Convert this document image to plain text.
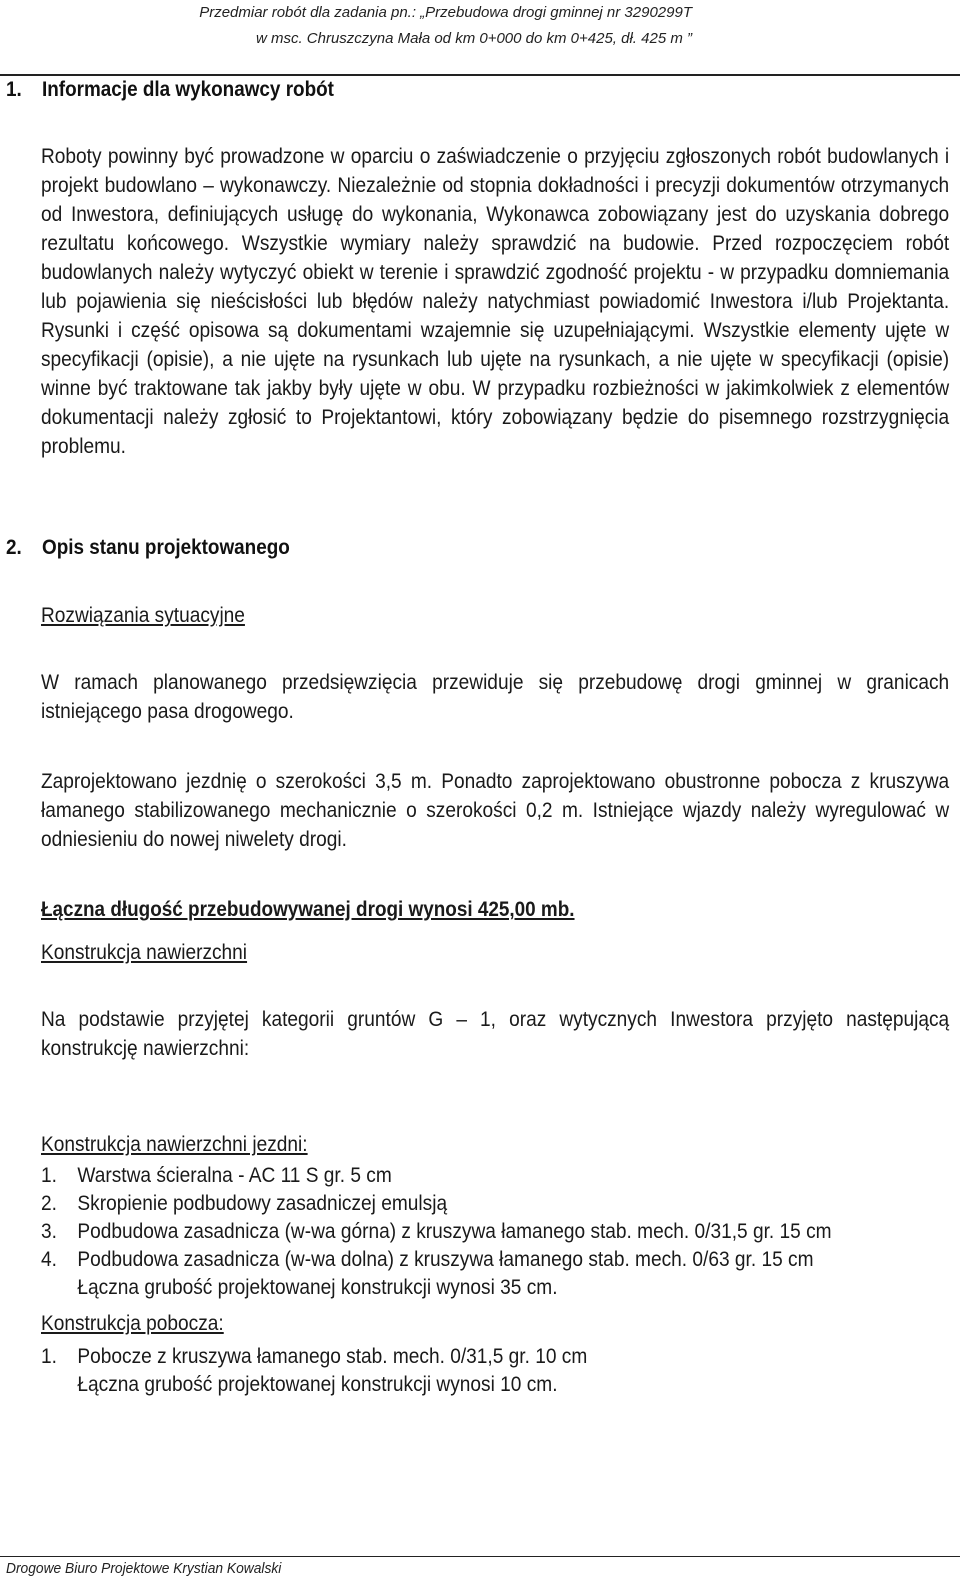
Przedmiar robót dla zadania pn.: „Przebudowa drogi gminnej nr 3290299T
w msc. Chruszczyna Mała od km 0+000 do km 0+425, dł. 425 m ”
1. Informacje dla wykonawcy robót
Roboty powinny być prowadzone w oparciu o zaświadczenie o przyjęciu zgłoszonych robót budowlanych i projekt budowlano – wykonawczy. Niezależnie od stopnia dokładności i precyzji dokumentów otrzymanych od Inwestora, definiujących usługę do wykonania, Wykonawca zobowiązany jest do uzyskania dobrego rezultatu końcowego. Wszystkie wymiary należy sprawdzić na budowie. Przed rozpoczęciem robót budowlanych należy wytyczyć obiekt w terenie i sprawdzić zgodność projektu - w przypadku domniemania lub pojawienia się nieścisłości lub błędów należy natychmiast powiadomić Inwestora i/lub Projektanta. Rysunki i część opisowa są dokumentami wzajemnie się uzupełniającymi. Wszystkie elementy ujęte w specyfikacji (opisie), a nie ujęte na rysunkach lub ujęte na rysunkach, a nie ujęte w specyfikacji (opisie) winne być traktowane tak jakby były ujęte w obu. W przypadku rozbieżności w jakimkolwiek z elementów dokumentacji należy zgłosić to Projektantowi, który zobowiązany będzie do pisemnego rozstrzygnięcia problemu.
2. Opis stanu projektowanego
Rozwiązania sytuacyjne
W ramach planowanego przedsięwzięcia przewiduje się przebudowę drogi gminnej w granicach istniejącego pasa drogowego.
Zaprojektowano jezdnię o szerokości 3,5 m. Ponadto zaprojektowano obustronne pobocza z kruszywa łamanego stabilizowanego mechanicznie o szerokości 0,2 m. Istniejące wjazdy należy wyregulować w odniesieniu do nowej niwelety drogi.
Łączna długość przebudowywanej drogi wynosi 425,00 mb.
Konstrukcja nawierzchni
Na podstawie przyjętej kategorii gruntów G – 1, oraz wytycznych Inwestora przyjęto następującą konstrukcję nawierzchni:
Konstrukcja nawierzchni jezdni:
1. Warstwa ścieralna - AC 11 S gr. 5 cm
2. Skropienie podbudowy zasadniczej emulsją
3. Podbudowa zasadnicza (w-wa górna) z kruszywa łamanego stab. mech. 0/31,5 gr. 15 cm
4. Podbudowa zasadnicza (w-wa dolna) z kruszywa łamanego stab. mech. 0/63 gr. 15 cm
Łączna grubość projektowanej konstrukcji wynosi 35 cm.
Konstrukcja pobocza:
1. Pobocze z kruszywa łamanego stab. mech. 0/31,5 gr. 10 cm
Łączna grubość projektowanej konstrukcji wynosi 10 cm.
Drogowe Biuro Projektowe Krystian Kowalski
